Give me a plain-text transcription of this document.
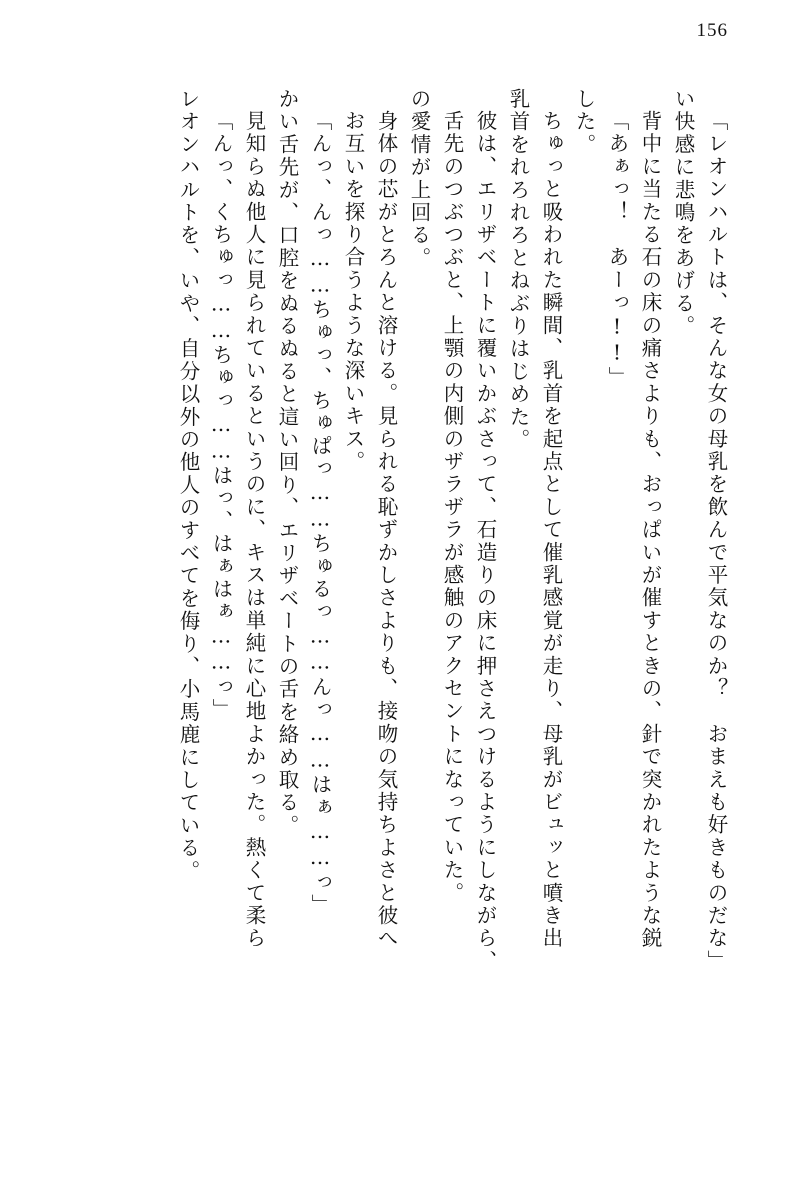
156
「レオンハルトは、そんな女の母乳を飲んで平気なのか？　おまえも好きものだな」
い快感に悲鳴をあげる。
背中に当たる石の床の痛さよりも、おっぱいが催すときの、針で突かれたような鋭
「あぁっ！　あーっ!!」
した。
ちゅっと吸われた瞬間、乳首を起点として催乳感覚が走り、母乳がビュッと噴き出
乳首をれろれろとねぶりはじめた。
彼は、エリザベートに覆いかぶさって、石造りの床に押さえつけるようにしながら、
舌先のつぶつぶと、上顎の内側のザラザラが感触のアクセントになっていた。
の愛情が上回る。
身体の芯がとろんと溶ける。見られる恥ずかしさよりも、接吻の気持ちよさと彼へ
お互いを探り合うような深いキス。
「んっ、んっ……ちゅっ、ちゅぱっ……ちゅるっ……んっ……はぁ……っ」
かい舌先が、口腔をぬるぬると這い回り、エリザベートの舌を絡め取る。
見知らぬ他人に見られているというのに、キスは単純に心地よかった。熱くて柔ら
「んっ、くちゅっ……ちゅっ……はっ、はぁはぁ……っ」
レオンハルトを、いや、自分以外の他人のすべてを侮り、小馬鹿にしている。
